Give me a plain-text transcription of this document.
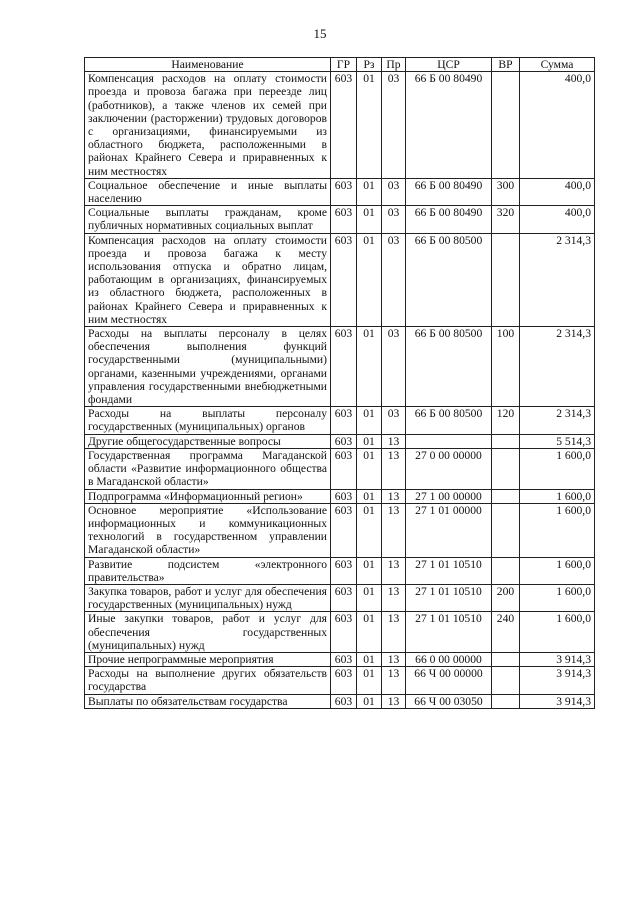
15
Наименование	ГР	Рз	Пр	ЦСР	ВР	Сумма
Компенсация расходов на оплату стоимости проезда и провоза багажа при переезде лиц (работников), а также членов их семей при заключении (расторжении) трудовых договоров с организациями, финансируемыми из областного бюджета, расположенными в районах Крайнего Севера и приравненных к ним местностях	603	01	03	66 Б 00 80490		400,0
Социальное обеспечение и иные выплаты населению	603	01	03	66 Б 00 80490	300	400,0
Социальные выплаты гражданам, кроме публичных нормативных социальных выплат	603	01	03	66 Б 00 80490	320	400,0
Компенсация расходов на оплату стоимости проезда и провоза багажа к месту использования отпуска и обратно лицам, работающим в организациях, финансируемых из областного бюджета, расположенных в районах Крайнего Севера и приравненных к ним местностях	603	01	03	66 Б 00 80500		2 314,3
Расходы на выплаты персоналу в целях обеспечения выполнения функций государственными (муниципальными) органами, казенными учреждениями, органами управления государственными внебюджетными фондами	603	01	03	66 Б 00 80500	100	2 314,3
Расходы на выплаты персоналу государственных (муниципальных) органов	603	01	03	66 Б 00 80500	120	2 314,3
Другие общегосударственные вопросы	603	01	13			5 514,3
Государственная программа Магаданской области «Развитие информационного общества в Магаданской области»	603	01	13	27 0 00 00000		1 600,0
Подпрограмма «Информационный регион»	603	01	13	27 1 00 00000		1 600,0
Основное мероприятие «Использование информационных и коммуникационных технологий в государственном управлении Магаданской области»	603	01	13	27 1 01 00000		1 600,0
Развитие подсистем «электронного правительства»	603	01	13	27 1 01 10510		1 600,0
Закупка товаров, работ и услуг для обеспечения государственных (муниципальных) нужд	603	01	13	27 1 01 10510	200	1 600,0
Иные закупки товаров, работ и услуг для обеспечения государственных (муниципальных) нужд	603	01	13	27 1 01 10510	240	1 600,0
Прочие непрограммные мероприятия	603	01	13	66 0 00 00000		3 914,3
Расходы на выполнение других обязательств государства	603	01	13	66 Ч 00 00000		3 914,3
Выплаты по обязательствам государства	603	01	13	66 Ч 00 03050		3 914,3
